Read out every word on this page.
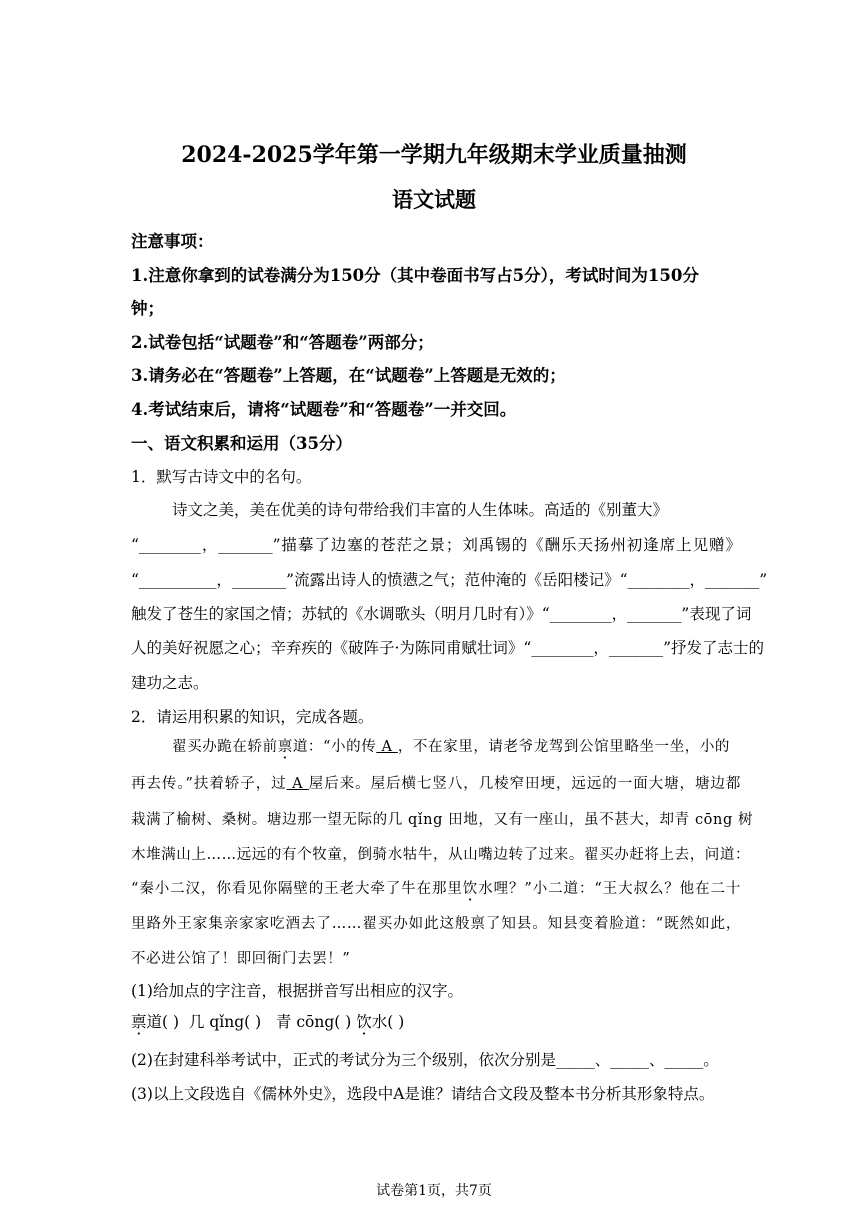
2024-2025学年第一学期九年级期末学业质量抽测
语文试题
注意事项：
1.注意你拿到的试卷满分为150分（其中卷面书写占5分），考试时间为150分
钟；
2.试卷包括“试题卷”和“答题卷”两部分；
3.请务必在“答题卷”上答题，在“试题卷”上答题是无效的；
4.考试结束后，请将“试题卷”和“答题卷”一并交回。
一、语文积累和运用（35分）
1．默写古诗文中的名句。
诗文之美，美在优美的诗句带给我们丰富的人生体味。高适的《别董大》
“________，_______”描摹了边塞的苍茫之景；刘禹锡的《酬乐天扬州初逢席上见赠》
“__________，_______”流露出诗人的愤懑之气；范仲淹的《岳阳楼记》“________，_______”
触发了苍生的家国之情；苏轼的《水调歌头（明月几时有）》“________，_______”表现了词
人的美好祝愿之心；辛弃疾的《破阵子·为陈同甫赋壮词》“________，_______”抒发了志士的
建功之志。
2．请运用积累的知识，完成各题。
翟买办跪在轿前禀道：“小的传 A ，不在家里，请老爷龙驾到公馆里略坐一坐，小的
再去传。”扶着轿子，过 A 屋后来。屋后横七竖八，几棱窄田埂，远远的一面大塘，塘边都
栽满了榆树、桑树。塘边那一望无际的几 qǐng 田地，又有一座山，虽不甚大，却青 cōng 树
木堆满山上……远远的有个牧童，倒骑水牯牛，从山嘴边转了过来。翟买办赶将上去，问道：
“秦小二汉，你看见你隔壁的王老大牵了牛在那里饮水哩？”小二道：“王大叔么？他在二十
里路外王家集亲家家吃酒去了……翟买办如此这般禀了知县。知县变着脸道：“既然如此，
不必进公馆了！即回衙门去罢！”
(1)给加点的字注音，根据拼音写出相应的汉字。
禀道( ) 几 qǐng( ) 青 cōng( ) 饮水( )
(2)在封建科举考试中，正式的考试分为三个级别，依次分别是_____、_____、_____。
(3)以上文段选自《儒林外史》，选段中A是谁？请结合文段及整本书分析其形象特点。
试卷第1页，共7页
